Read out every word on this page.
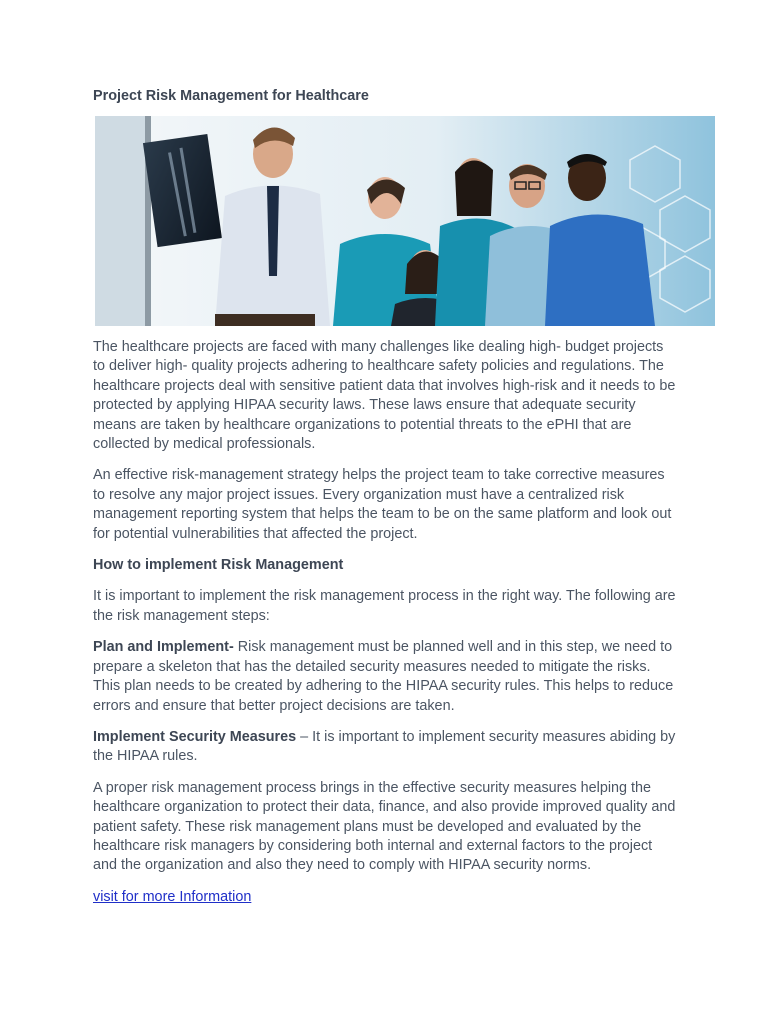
Project Risk Management for Healthcare

The healthcare projects are faced with many challenges like dealing high- budget projects to deliver high- quality projects adhering to healthcare safety policies and regulations. The healthcare projects deal with sensitive patient data that involves high-risk and it needs to be protected by applying HIPAA security laws. These laws ensure that adequate security means are taken by healthcare organizations to potential threats to the ePHI that are collected by medical professionals.

An effective risk-management strategy helps the project team to take corrective measures to resolve any major project issues. Every organization must have a centralized risk management reporting system that helps the team to be on the same platform and look out for potential vulnerabilities that affected the project.

How to implement Risk Management

It is important to implement the risk management process in the right way. The following are the risk management steps:

Plan and Implement- Risk management must be planned well and in this step, we need to prepare a skeleton that has the detailed security measures needed to mitigate the risks. This plan needs to be created by adhering to the HIPAA security rules. This helps to reduce errors and ensure that better project decisions are taken.

Implement Security Measures – It is important to implement security measures abiding by the HIPAA rules.

A proper risk management process brings in the effective security measures helping the healthcare organization to protect their data, finance, and also provide improved quality and patient safety. These risk management plans must be developed and evaluated by the healthcare risk managers by considering both internal and external factors to the project and the organization and also they need to comply with HIPAA security norms.

visit for more Information
